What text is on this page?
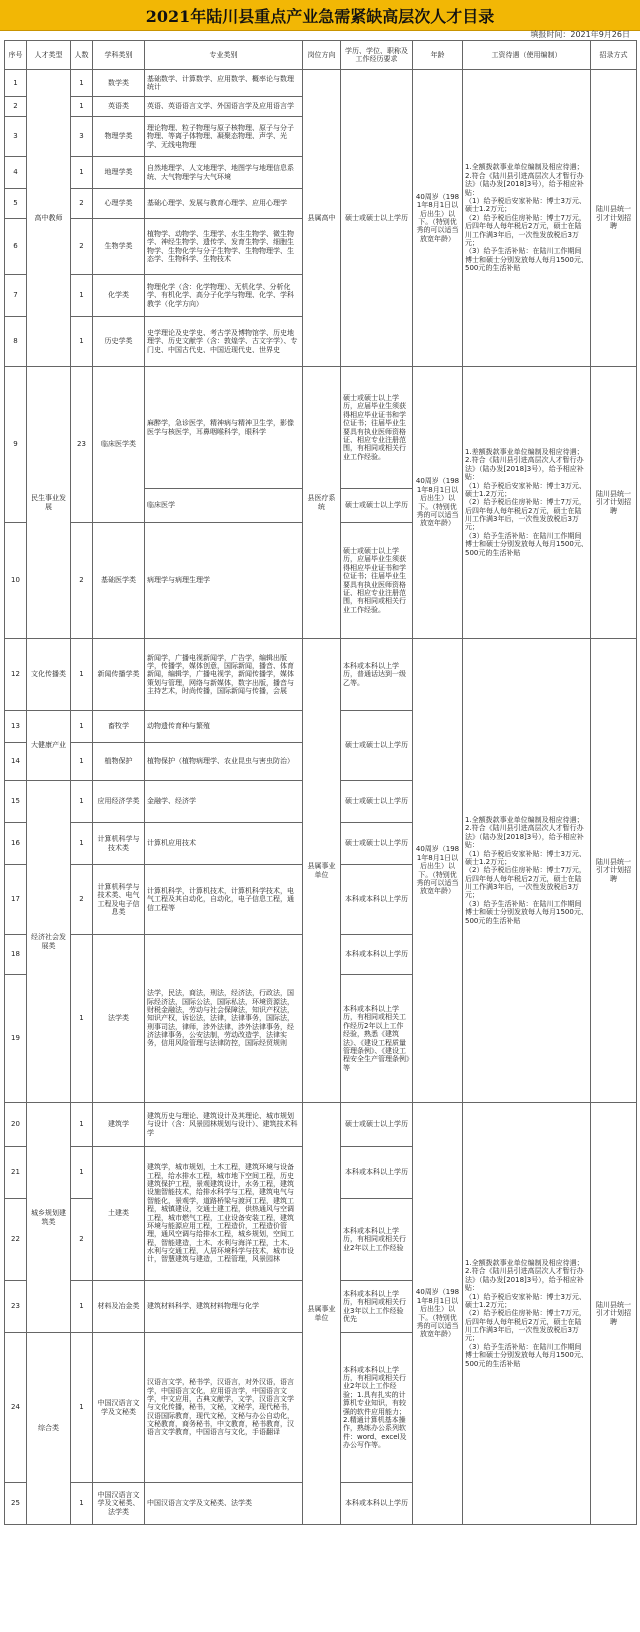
2021年陆川县重点产业急需紧缺高层次人才目录
填报时间：2021年9月26日
序号	人才类型	人数	学科类别	专业类别	岗位方向	学历、学位、职称及工作经历要求	年龄	工资待遇（使用编制）	招录方式
1	高中教师	1	数学类	基础数学、计算数学、应用数学、概率论与数理统计	县属高中	硕士或硕士以上学历	40周岁（1981年8月1日以后出生）以下。（特别优秀的可以适当放宽年龄）	1.全额拨款事业单位编制及相应待遇；
2.符合《陆川县引进高层次人才暂行办法》（陆办发[2018]3号），给予相应补贴：
（1）给予税后安家补贴：博士3万元、硕士1.2万元；
（2）给予税后住房补贴：博士7万元，后四年每人每年税后2万元，硕士在陆川工作满3年后，一次性发放税后3万元；
（3）给予生活补贴：在陆川工作期间博士和硕士分别发放每人每月1500元、500元的生活补贴	陆川县统一引才计划招聘
2		1	英语类	英语、英语语言文学、外国语言学及应用语言学					
3		3	物理学类	理论物理、粒子物理与原子核物理、原子与分子物理、等离子体物理、凝聚态物理、声学、光学、无线电物理					
4		1	地理学类	自然地理学、人文地理学、地图学与地理信息系统、大气物理学与大气环境					
5		2	心理学类	基础心理学、发展与教育心理学、应用心理学					
6		2	生物学类	植物学、动物学、生理学、水生生物学、微生物学、神经生物学、遗传学、发育生物学、细胞生物学、生物化学与分子生物学、生物物理学、生态学、生物科学、生物技术					
7		1	化学类	物理化学（含：化学物理）、无机化学、分析化学、有机化学、高分子化学与物理、化学、学科教学（化学方向）					
8		1	历史学类	史学理论及史学史、考古学及博物馆学、历史地理学、历史文献学（含：敦煌学、古文字学）、专门史、中国古代史、中国近现代史、世界史					
9	民生事业发展	23	临床医学类	麻醉学，急诊医学，精神病与精神卫生学，影像医学与核医学，耳鼻咽喉科学，眼科学	县医疗系统	硕士或硕士以上学历，应届毕业生须获得相应毕业证书和学位证书；往届毕业生要具有执业医师资格证、相应专业注册范围，有相同或相关行业工作经验。	40周岁（1981年8月1日以后出生）以下。（特别优秀的可以适当放宽年龄）	1.差额拨款事业单位编制及相应待遇；
2.符合《陆川县引进高层次人才暂行办法》（陆办发[2018]3号），给予相应补贴：
（1）给予税后安家补贴：博士3万元、硕士1.2万元；
（2）给予税后住房补贴：博士7万元，后四年每人每年税后2万元，硕士在陆川工作满3年后，一次性发放税后3万元；
（3）给予生活补贴：在陆川工作期间博士和硕士分别发放每人每月1500元、500元的生活补贴	陆川县统一引才计划招聘
				临床医学		硕士或硕士以上学历			
10		2	基础医学类	病理学与病理生理学		硕士或硕士以上学历，应届毕业生须获得相应毕业证书和学位证书；往届毕业生要具有执业医师资格证、相应专业注册范围，有相同或相关行业工作经验。			
12	文化传播类	1	新闻传播学类	新闻学，广播电视新闻学，广告学，编辑出版学，传播学，媒体创意，国际新闻，播音、体育新闻，编辑学，广播电视学，新闻传播学，媒体策划与管理，网络与新媒体，数字出版，播音与主持艺术，时尚传播，国际新闻与传播，会展	县属事业单位	本科或本科以上学历，普通话达到一级乙等。	40周岁（1981年8月1日以后出生）以下。（特别优秀的可以适当放宽年龄）	1.全额拨款事业单位编制及相应待遇；
2.符合《陆川县引进高层次人才暂行办法》（陆办发[2018]3号），给予相应补贴：
（1）给予税后安家补贴：博士3万元、硕士1.2万元；
（2）给予税后住房补贴：博士7万元，后四年每人每年税后2万元，硕士在陆川工作满3年后，一次性发放税后3万元；
（3）给予生活补贴：在陆川工作期间博士和硕士分别发放每人每月1500元、500元的生活补贴	陆川县统一引才计划招聘
13	大健康产业	1	畜牧学	动物遗传育种与繁殖		硕士或硕士以上学历			
14		1	植物保护	植物保护（植物病理学、农业昆虫与害虫防治）					
15	经济社会发展类	1	应用经济学类	金融学、经济学		硕士或硕士以上学历			
16		1	计算机科学与技术类	计算机应用技术		硕士或硕士以上学历			
17		2	计算机科学与技术类、电气工程及电子信息类	计算机科学，计算机技术，计算机科学技术，电气工程及其自动化，自动化，电子信息工程，通信工程等		本科或本科以上学历			
18		1	法学类	法学，民法，商法，刑法，经济法，行政法，国际经济法，国际公法，国际私法，环境资源法，财税金融法，劳动与社会保障法，知识产权法，知识产权，诉讼法，法律，法律事务，国际法，刑事司法，律师，涉外法律，涉外法律事务，经济法律事务，公安法制，劳动改造学，法律实务，信用风险管理与法律防控，国际经贸规则		本科或本科以上学历			
19						本科或本科以上学历，有相同或相关工作经历2年以上工作经验，熟悉《建筑法》、《建设工程质量管理条例》、《建设工程安全生产管理条例》等			
20	城乡规划建筑类	1	建筑学	建筑历史与理论、建筑设计及其理论、城市规划与设计（含：风景园林规划与设计）、建筑技术科学	县属事业单位	硕士或硕士以上学历	40周岁（1981年8月1日以后出生）以下。（特别优秀的可以适当放宽年龄）	1.全额拨款事业单位编制及相应待遇；
2.符合《陆川县引进高层次人才暂行办法》（陆办发[2018]3号），给予相应补贴：
（1）给予税后安家补贴：博士3万元、硕士1.2万元；
（2）给予税后住房补贴：博士7万元，后四年每人每年税后2万元，硕士在陆川工作满3年后，一次性发放税后3万元；
（3）给予生活补贴：在陆川工作期间博士和硕士分别发放每人每月1500元、500元的生活补贴	陆川县统一引才计划招聘
21		1	土建类	建筑学，城市规划，土木工程，建筑环境与设备工程，给水排水工程，城市地下空间工程，历史建筑保护工程，景观建筑设计，水务工程，建筑设施智能技术，给排水科学与工程，建筑电气与智能化，景观学，道路桥梁与渡河工程，建筑工程，城镇建设，交通土建工程，供热通风与空调工程，城市燃气工程，工业设备安装工程，建筑环境与能源应用工程，工程造价，工程造价管理，通风空调与给排水工程，城乡规划，空间工程，智能建造，土木、水利与海洋工程，土木、水利与交通工程，人居环境科学与技术，城市设计，智慧建筑与建造，工程管理，风景园林		本科或本科以上学历			
22		2				本科或本科以上学历，有相同或相关行业2年以上工作经验			
23		1	材料及冶金类	建筑材料科学、建筑材料物理与化学		本科或本科以上学历，有相同或相关行业3年以上工作经验优先			
24	综合类	1	中国汉语言文学及文秘类	汉语言文学，秘书学，汉语言，对外汉语，语言学，中国语言文化，应用语言学，中国语言文学，中文应用，古典文献学，文学，汉语言文学与文化传播，秘书，文秘，文秘学，现代秘书，汉语国际教育，现代文秘，文秘与办公自动化，文秘教育，商务秘书，中文教育，秘书教育，汉语言文学教育，中国语言与文化，手语翻译		本科或本科以上学历，有相同或相关行业2年以上工作经验；1.具有扎实的计算机专业知识，有较强的软件应用能力；2.精通计算机基本操作，熟练办公系列软件：word、excel及办公写作等。			
25		1	中国汉语言文学及文秘类、法学类	中国汉语言文学及文秘类、法学类		本科或本科以上学历			
